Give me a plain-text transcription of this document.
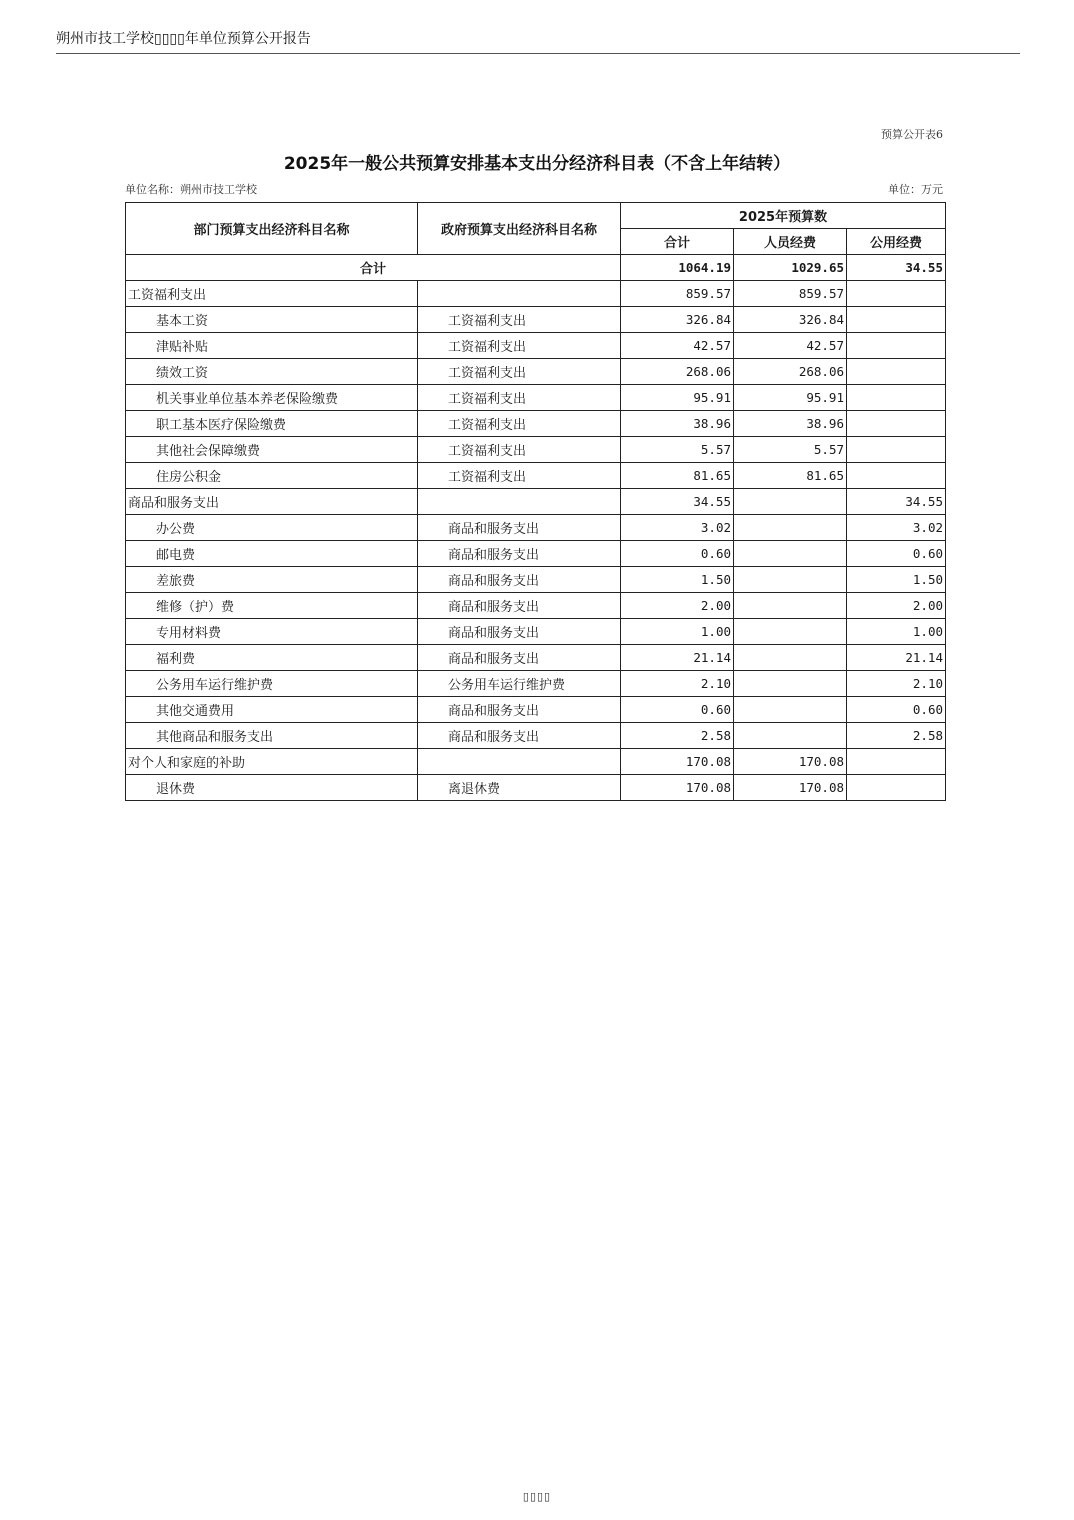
朔州市技工学校▯▯▯▯年单位预算公开报告
预算公开表6
2025年一般公共预算安排基本支出分经济科目表（不含上年结转）
单位名称：朔州市技工学校	单位：万元
部门预算支出经济科目名称	政府预算支出经济科目名称	2025年预算数		
		合计	人员经费	公用经费
合计		1064.19	1029.65	34.55
工资福利支出		859.57	859.57	
基本工资	工资福利支出	326.84	326.84	
津贴补贴	工资福利支出	42.57	42.57	
绩效工资	工资福利支出	268.06	268.06	
机关事业单位基本养老保险缴费	工资福利支出	95.91	95.91	
职工基本医疗保险缴费	工资福利支出	38.96	38.96	
其他社会保障缴费	工资福利支出	5.57	5.57	
住房公积金	工资福利支出	81.65	81.65	
商品和服务支出		34.55		34.55
办公费	商品和服务支出	3.02		3.02
邮电费	商品和服务支出	0.60		0.60
差旅费	商品和服务支出	1.50		1.50
维修（护）费	商品和服务支出	2.00		2.00
专用材料费	商品和服务支出	1.00		1.00
福利费	商品和服务支出	21.14		21.14
公务用车运行维护费	公务用车运行维护费	2.10		2.10
其他交通费用	商品和服务支出	0.60		0.60
其他商品和服务支出	商品和服务支出	2.58		2.58
对个人和家庭的补助		170.08	170.08	
退休费	离退休费	170.08	170.08	
▯▯▯▯
